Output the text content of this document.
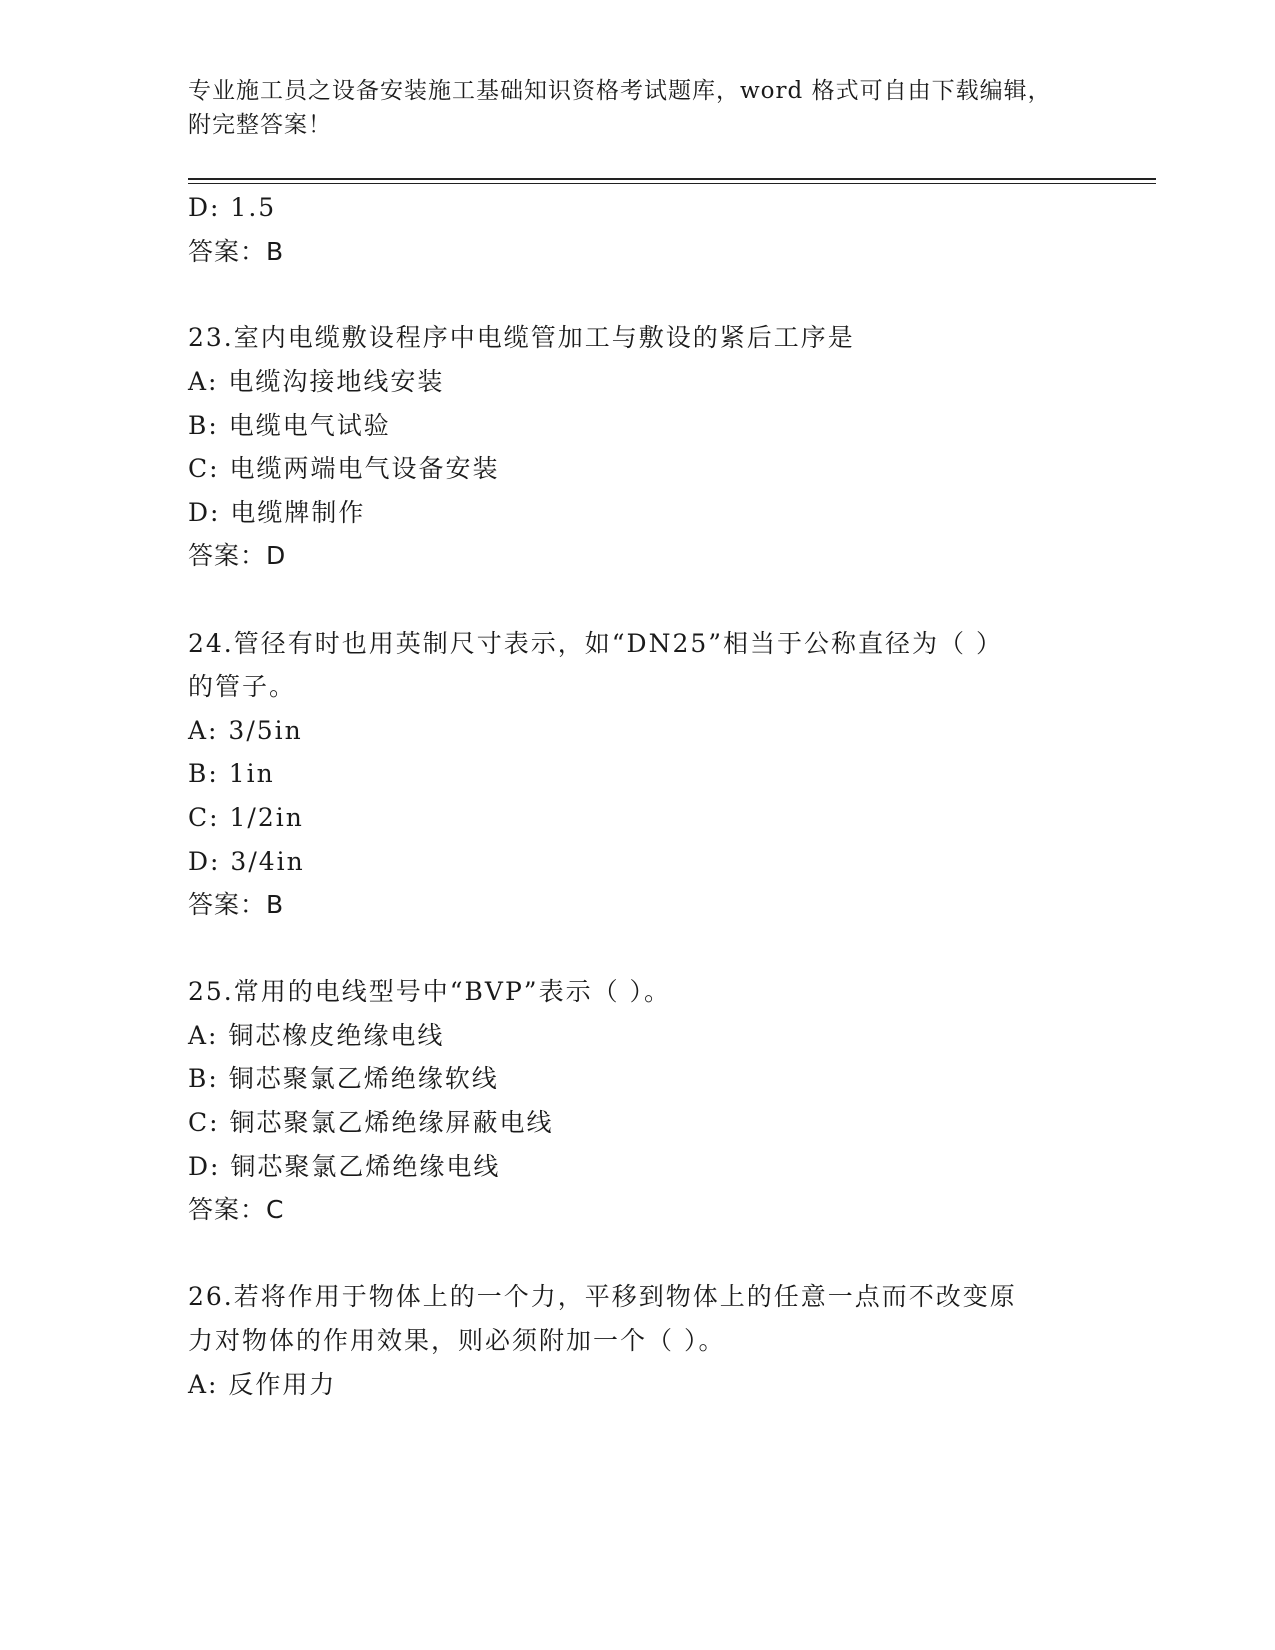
专业施工员之设备安装施工基础知识资格考试题库，word 格式可自由下载编辑，
附完整答案！
D: 1.5
答案：B
23.室内电缆敷设程序中电缆管加工与敷设的紧后工序是
A: 电缆沟接地线安装
B: 电缆电气试验
C: 电缆两端电气设备安装
D: 电缆牌制作
答案：D
24.管径有时也用英制尺寸表示，如“DN25”相当于公称直径为（ ）
的管子。
A: 3/5in
B: 1in
C: 1/2in
D: 3/4in
答案：B
25.常用的电线型号中“BVP”表示（ ）。
A: 铜芯橡皮绝缘电线
B: 铜芯聚氯乙烯绝缘软线
C: 铜芯聚氯乙烯绝缘屏蔽电线
D: 铜芯聚氯乙烯绝缘电线
答案：C
26.若将作用于物体上的一个力，平移到物体上的任意一点而不改变原
力对物体的作用效果，则必须附加一个（ ）。
A: 反作用力
